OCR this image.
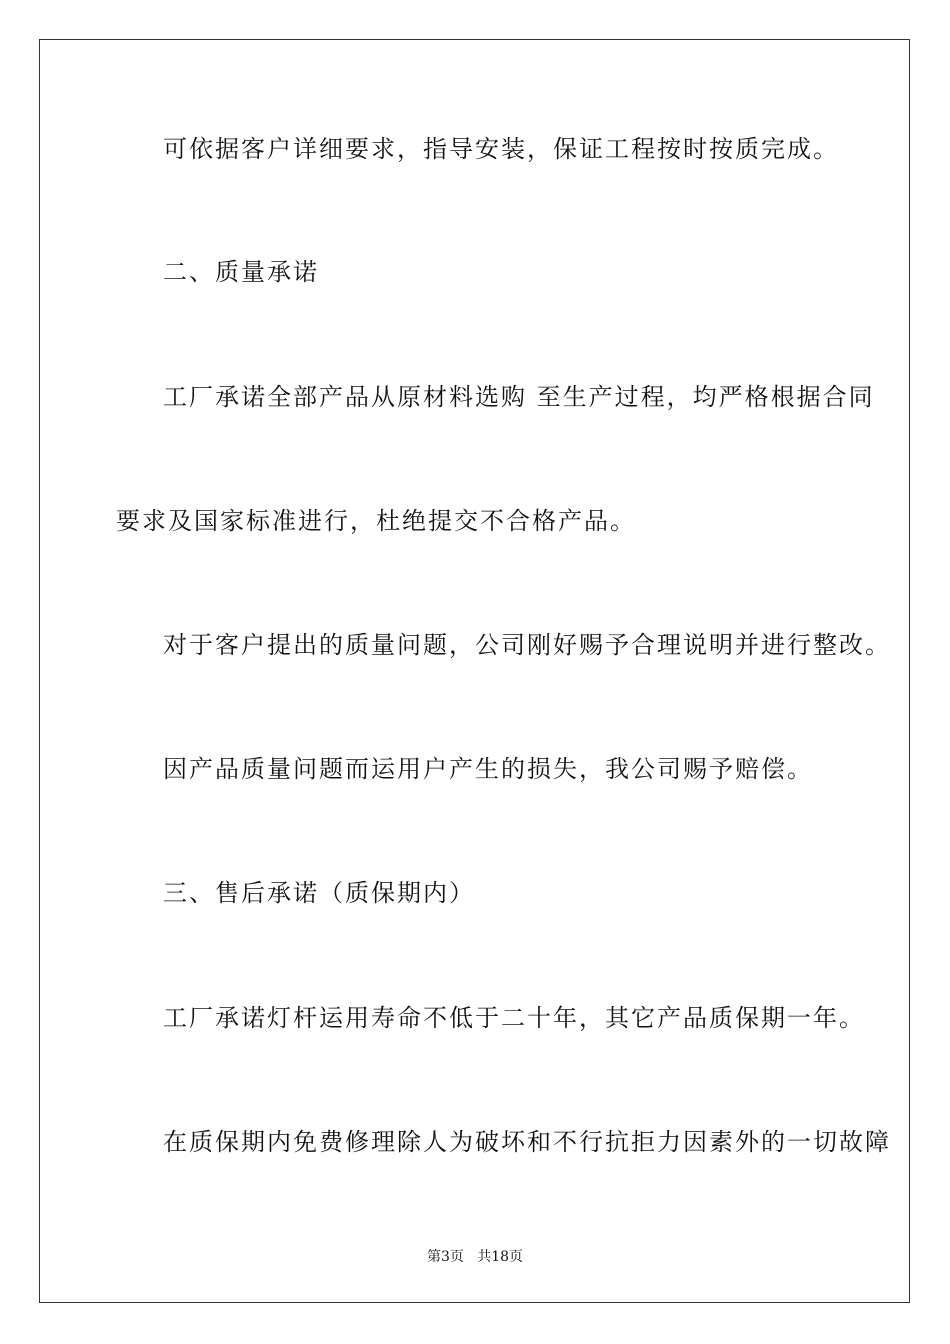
可依据客户详细要求，指导安装，保证工程按时按质完成。
二、质量承诺
工厂承诺全部产品从原材料选购 至生产过程，均严格根据合同
要求及国家标准进行，杜绝提交不合格产品。
对于客户提出的质量问题，公司刚好赐予合理说明并进行整改。
因产品质量问题而运用户产生的损失，我公司赐予赔偿。
三、售后承诺（质保期内）
工厂承诺灯杆运用寿命不低于二十年，其它产品质保期一年。
在质保期内免费修理除人为破坏和不行抗拒力因素外的一切故障
第3页   共18页
